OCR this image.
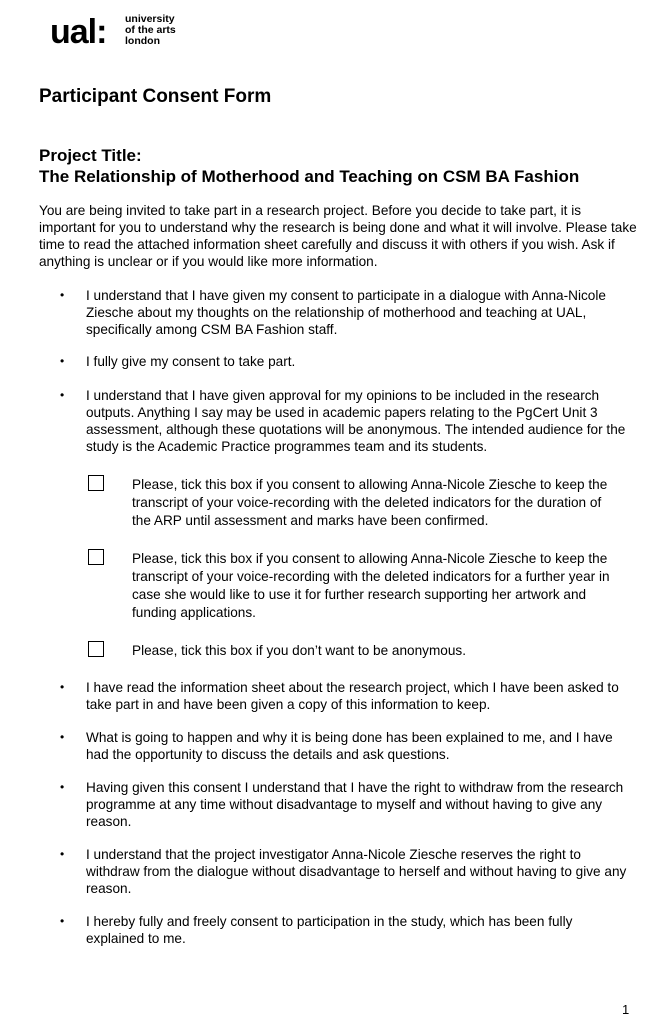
ual: university
of the arts
london
Participant Consent Form
Project Title:
The Relationship of Motherhood and Teaching on CSM BA Fashion
You are being invited to take part in a research project. Before you decide to take part, it is important for you to understand why the research is being done and what it will involve. Please take time to read the attached information sheet carefully and discuss it with others if you wish. Ask if anything is unclear or if you would like more information.
• I understand that I have given my consent to participate in a dialogue with Anna-Nicole Ziesche about my thoughts on the relationship of motherhood and teaching at UAL, specifically among CSM BA Fashion staff.
• I fully give my consent to take part.
• I understand that I have given approval for my opinions to be included in the research outputs. Anything I say may be used in academic papers relating to the PgCert Unit 3 assessment, although these quotations will be anonymous. The intended audience for the study is the Academic Practice programmes team and its students.
Please, tick this box if you consent to allowing Anna-Nicole Ziesche to keep the transcript of your voice-recording with the deleted indicators for the duration of the ARP until assessment and marks have been confirmed.
Please, tick this box if you consent to allowing Anna-Nicole Ziesche to keep the transcript of your voice-recording with the deleted indicators for a further year in case she would like to use it for further research supporting her artwork and funding applications.
Please, tick this box if you don’t want to be anonymous.
• I have read the information sheet about the research project, which I have been asked to take part in and have been given a copy of this information to keep.
• What is going to happen and why it is being done has been explained to me, and I have had the opportunity to discuss the details and ask questions.
• Having given this consent I understand that I have the right to withdraw from the research programme at any time without disadvantage to myself and without having to give any reason.
• I understand that the project investigator Anna-Nicole Ziesche reserves the right to withdraw from the dialogue without disadvantage to herself and without having to give any reason.
• I hereby fully and freely consent to participation in the study, which has been fully explained to me.
1
